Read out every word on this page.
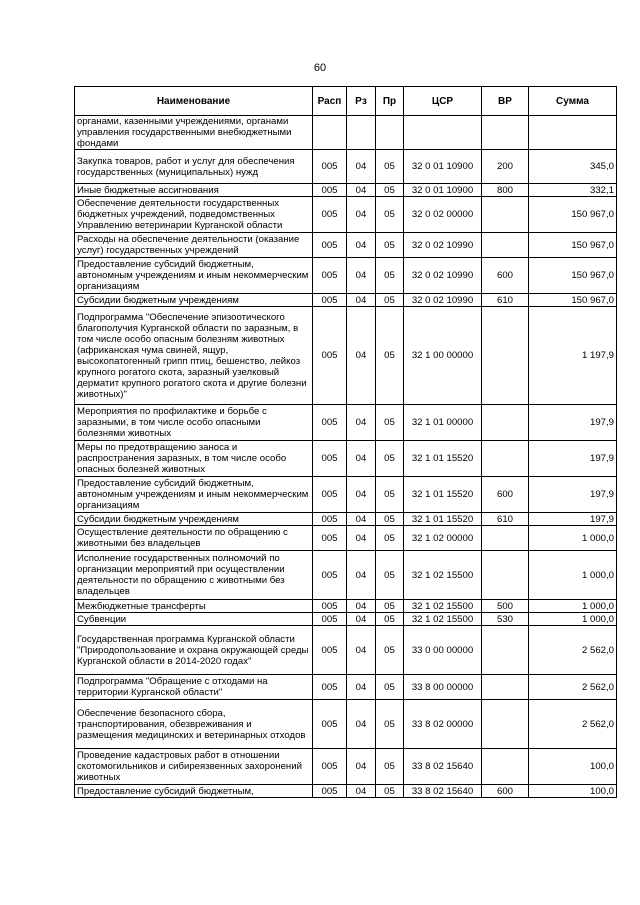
60
Наименование	Расп	Рз	Пр	ЦСР	ВР	Сумма
органами, казенными учреждениями, органами управления государственными внебюджетными фондами						
Закупка товаров, работ и услуг для обеспечения государственных (муниципальных) нужд	005	04	05	32 0 01 10900	200	345,0
Иные бюджетные ассигнования	005	04	05	32 0 01 10900	800	332,1
Обеспечение деятельности государственных бюджетных учреждений, подведомственных Управлению ветеринарии Курганской области	005	04	05	32 0 02 00000		150 967,0
Расходы на обеспечение деятельности (оказание услуг) государственных учреждений	005	04	05	32 0 02 10990		150 967,0
Предоставление субсидий бюджетным, автономным учреждениям и иным некоммерческим организациям	005	04	05	32 0 02 10990	600	150 967,0
Субсидии бюджетным учреждениям	005	04	05	32 0 02 10990	610	150 967,0
Подпрограмма "Обеспечение эпизоотического благополучия Курганской области по заразным, в том числе особо опасным болезням животных (африканская чума свиней, ящур, высокопатогенный грипп птиц, бешенство, лейкоз крупного рогатого скота, заразный узелковый дерматит крупного рогатого скота и другие болезни животных)"	005	04	05	32 1 00 00000		1 197,9
Мероприятия по профилактике и борьбе с заразными, в том числе особо опасными болезнями животных	005	04	05	32 1 01 00000		197,9
Меры по предотвращению заноса и распространения заразных, в том числе особо опасных болезней животных	005	04	05	32 1 01 15520		197,9
Предоставление субсидий бюджетным, автономным учреждениям и иным некоммерческим организациям	005	04	05	32 1 01 15520	600	197,9
Субсидии бюджетным учреждениям	005	04	05	32 1 01 15520	610	197,9
Осуществление деятельности по обращению с животными без владельцев	005	04	05	32 1 02 00000		1 000,0
Исполнение государственных полномочий по организации мероприятий при осуществлении деятельности по обращению с животными без владельцев	005	04	05	32 1 02 15500		1 000,0
Межбюджетные трансферты	005	04	05	32 1 02 15500	500	1 000,0
Субвенции	005	04	05	32 1 02 15500	530	1 000,0
Государственная программа Курганской области "Природопользование и охрана окружающей среды Курганской области в 2014-2020 годах"	005	04	05	33 0 00 00000		2 562,0
Подпрограмма "Обращение с отходами на территории Курганской области"	005	04	05	33 8 00 00000		2 562,0
Обеспечение безопасного сбора, транспортирования, обезвреживания и размещения медицинских и ветеринарных отходов	005	04	05	33 8 02 00000		2 562,0
Проведение кадастровых работ в отношении скотомогильников и сибиреязвенных захоронений животных	005	04	05	33 8 02 15640		100,0
Предоставление субсидий бюджетным,	005	04	05	33 8 02 15640	600	100,0
